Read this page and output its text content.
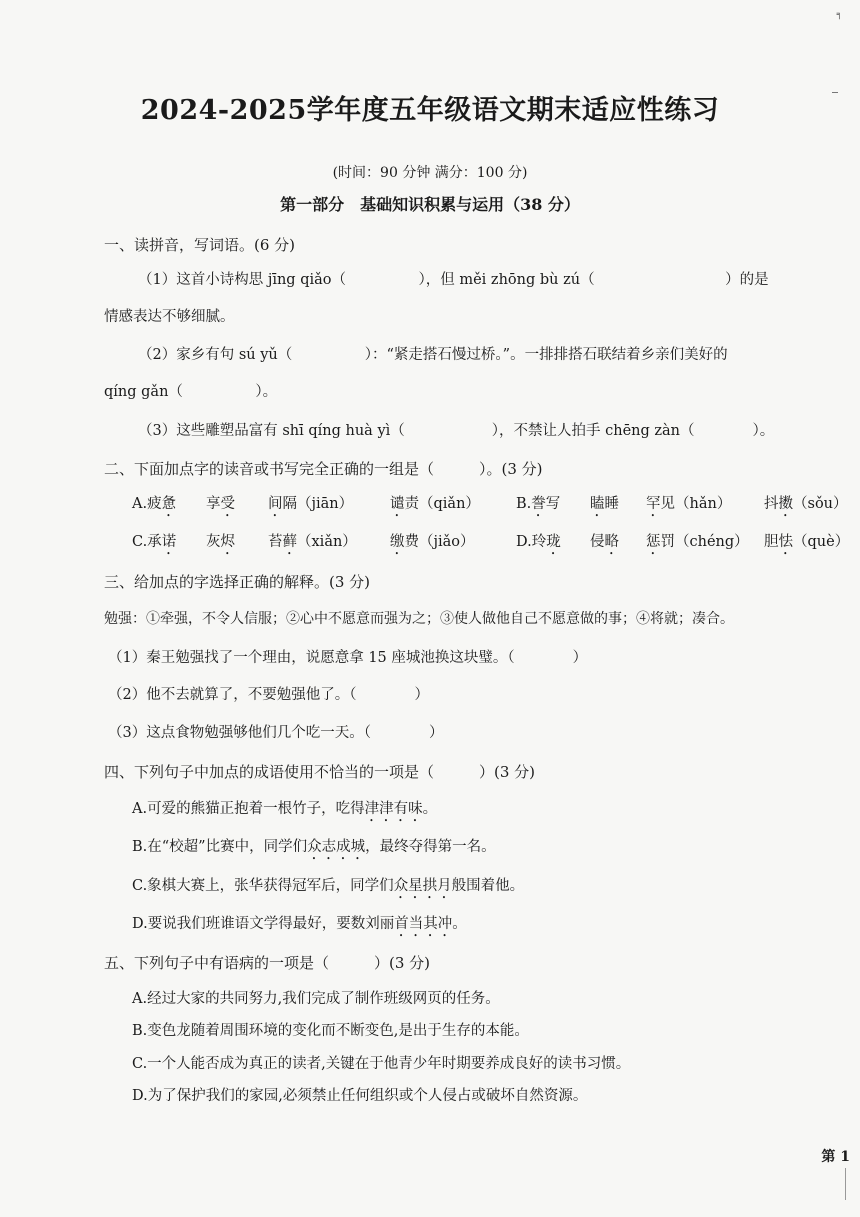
╕
2024-2025学年度五年级语文期末适应性练习
(时间：90 分钟 满分：100 分)
第一部分　基础知识积累与运用（38 分）
一、读拼音，写词语。(6 分)
（1）这首小诗构思 jīng qiǎo（　　　　　），但 měi zhōng bù zú（　　　　　　　　　）的是
情感表达不够细腻。
（2）家乡有句 sú yǔ（　　　　　）：“紧走搭石慢过桥。”。一排排搭石联结着乡亲们美好的
qíng gǎn（　　　　　）。
（3）这些雕塑品富有 shī qíng huà yì（　　　　　　），不禁让人拍手 chēng zàn（　　　　）。
二、下面加点字的读音或书写完全正确的一组是（　　　）。(3 分)
A.疲惫 享受 间隔（jiān）	谴责（qiǎn） B.誊写 瞌睡 罕见（hǎn） 抖擞（sǒu）
C.承诺 灰烬 苔藓（xiǎn） 缴费（jiǎo）	D.玲珑 侵略 惩罚（chéng） 胆怯（què）
三、给加点的字选择正确的解释。(3 分)
勉强：①牵强，不令人信服；②心中不愿意而强为之；③使人做他自己不愿意做的事；④将就；凑合。
（1）秦王勉强找了一个理由，说愿意拿 15 座城池换这块璧。（　　　　）
（2）他不去就算了，不要勉强他了。（　　　　）
（3）这点食物勉强够他们几个吃一天。（　　　　）
四、下列句子中加点的成语使用不恰当的一项是（　　　）(3 分)
A.可爱的熊猫正抱着一根竹子，吃得津津有味。
B.在“校超”比赛中，同学们众志成城，最终夺得第一名。
C.象棋大赛上，张华获得冠军后，同学们众星拱月般围着他。
D.要说我们班谁语文学得最好，要数刘丽首当其冲。
五、下列句子中有语病的一项是（　　　）(3 分)
A.经过大家的共同努力,我们完成了制作班级网页的任务。
B.变色龙随着周围环境的变化而不断变色,是出于生存的本能。
C.一个人能否成为真正的读者,关键在于他青少年时期要养成良好的读书习惯。
D.为了保护我们的家园,必须禁止任何组织或个人侵占或破坏自然资源。
第 1
